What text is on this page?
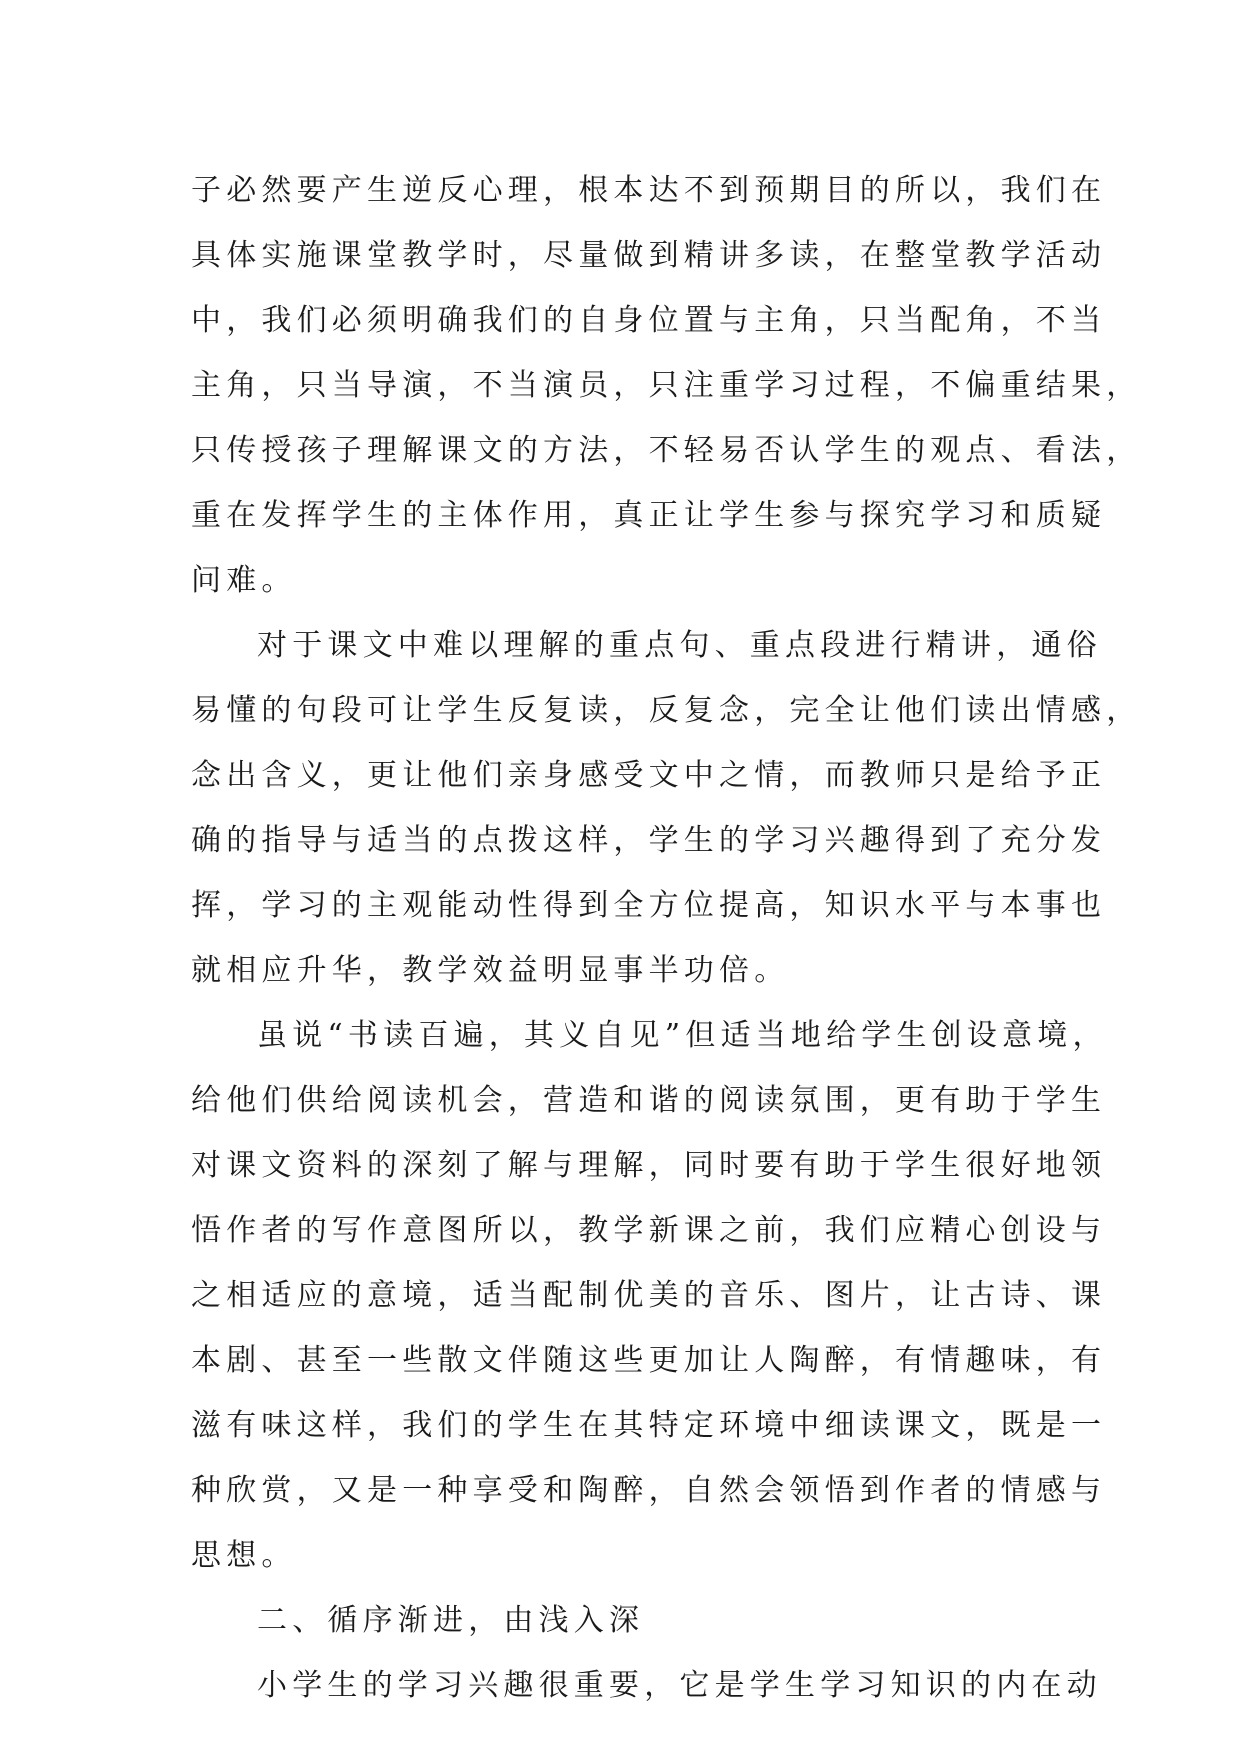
子必然要产生逆反心理，根本达不到预期目的所以，我们在
具体实施课堂教学时，尽量做到精讲多读，在整堂教学活动
中，我们必须明确我们的自身位置与主角，只当配角，不当
主角，只当导演，不当演员，只注重学习过程，不偏重结果，
只传授孩子理解课文的方法，不轻易否认学生的观点、看法，
重在发挥学生的主体作用，真正让学生参与探究学习和质疑
问难。
对于课文中难以理解的重点句、重点段进行精讲，通俗
易懂的句段可让学生反复读，反复念，完全让他们读出情感，
念出含义，更让他们亲身感受文中之情，而教师只是给予正
确的指导与适当的点拨这样，学生的学习兴趣得到了充分发
挥，学习的主观能动性得到全方位提高，知识水平与本事也
就相应升华，教学效益明显事半功倍。
虽说“书读百遍，其义自见”但适当地给学生创设意境，
给他们供给阅读机会，营造和谐的阅读氛围，更有助于学生
对课文资料的深刻了解与理解，同时要有助于学生很好地领
悟作者的写作意图所以，教学新课之前，我们应精心创设与
之相适应的意境，适当配制优美的音乐、图片，让古诗、课
本剧、甚至一些散文伴随这些更加让人陶醉，有情趣味，有
滋有味这样，我们的学生在其特定环境中细读课文，既是一
种欣赏，又是一种享受和陶醉，自然会领悟到作者的情感与
思想。
二、循序渐进，由浅入深
小学生的学习兴趣很重要，它是学生学习知识的内在动
